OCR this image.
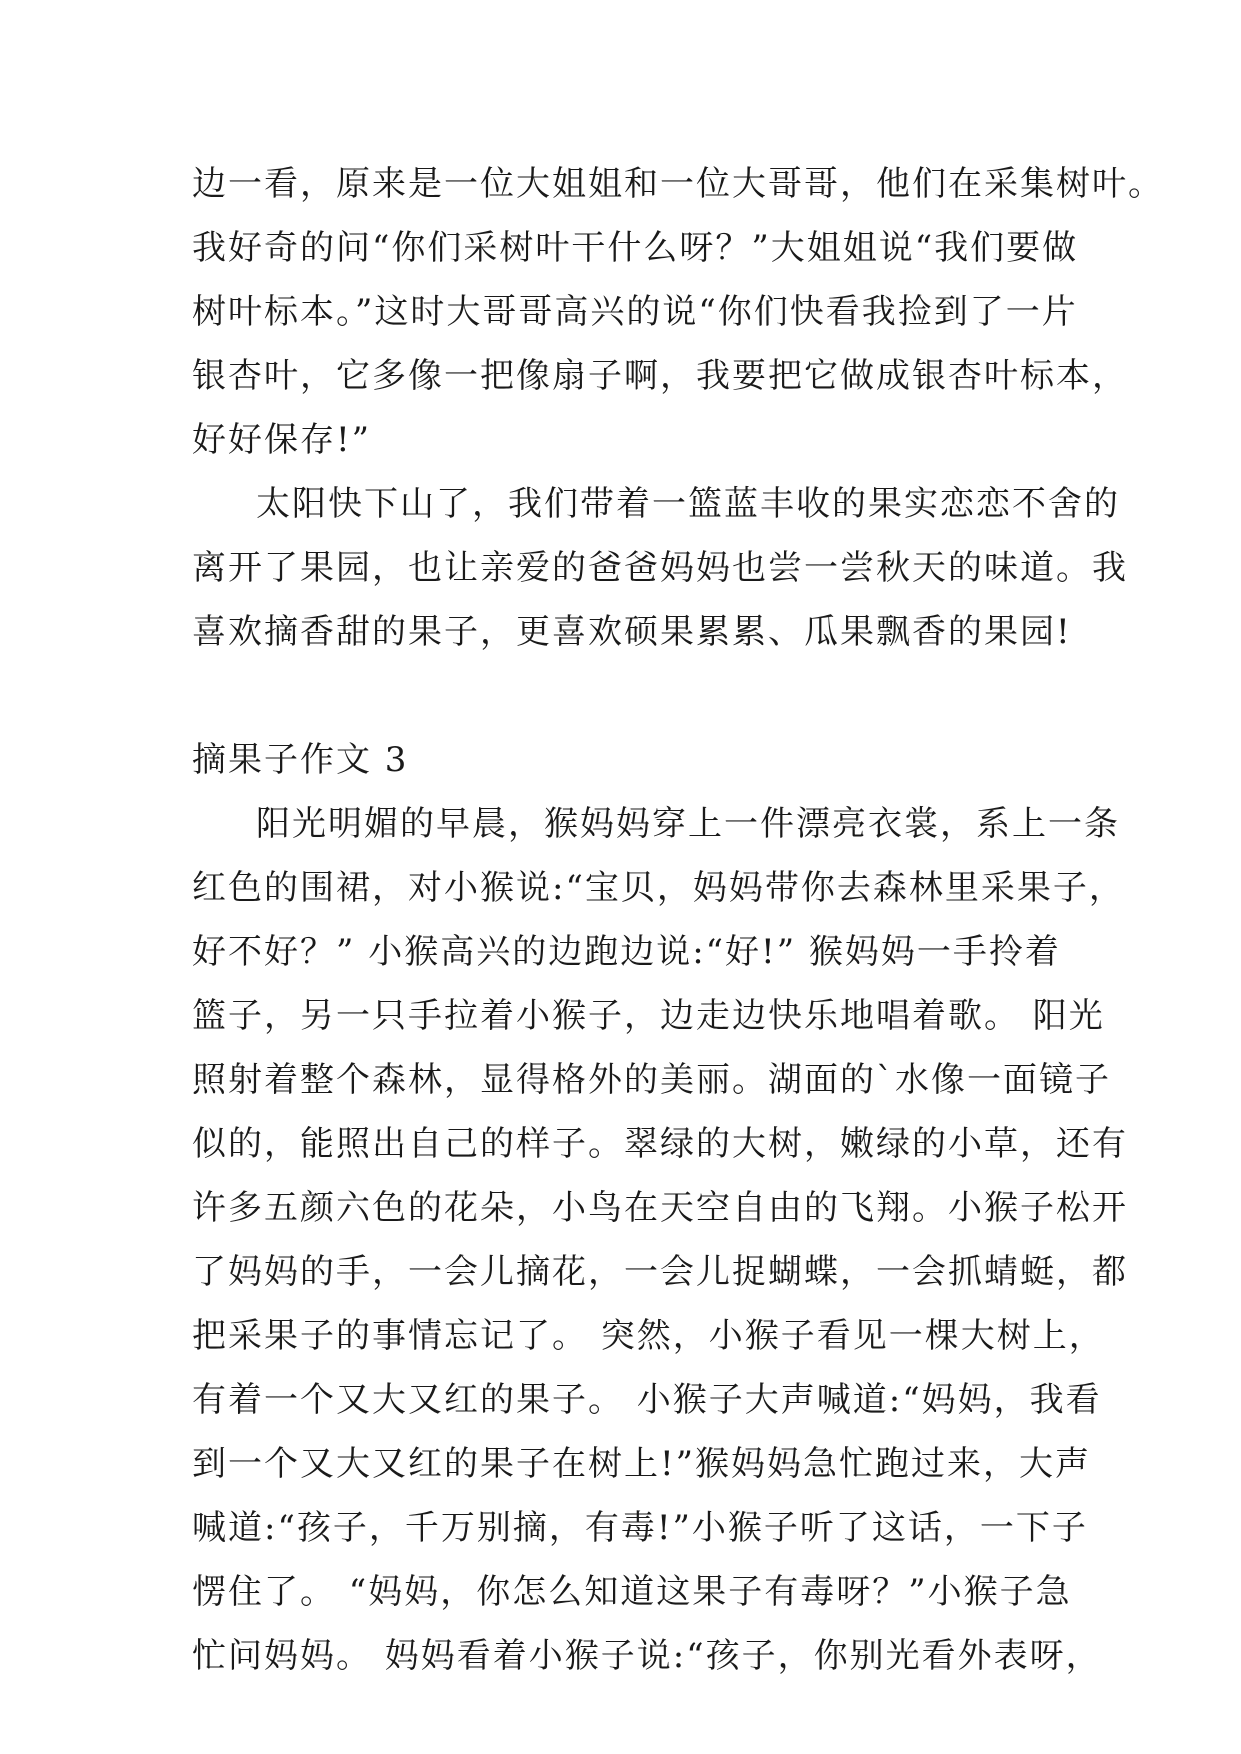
边一看，原来是一位大姐姐和一位大哥哥，他们在采集树叶。
我好奇的问“你们采树叶干什么呀？”大姐姐说“我们要做
树叶标本。”这时大哥哥高兴的说“你们快看我捡到了一片
银杏叶，它多像一把像扇子啊，我要把它做成银杏叶标本，
好好保存!”
太阳快下山了，我们带着一篮蓝丰收的果实恋恋不舍的
离开了果园，也让亲爱的爸爸妈妈也尝一尝秋天的味道。我
喜欢摘香甜的果子，更喜欢硕果累累、瓜果飘香的果园!
摘果子作文 3
阳光明媚的早晨，猴妈妈穿上一件漂亮衣裳，系上一条
红色的围裙，对小猴说:“宝贝，妈妈带你去森林里采果子，
好不好？” 小猴高兴的边跑边说:“好!” 猴妈妈一手拎着
篮子，另一只手拉着小猴子，边走边快乐地唱着歌。 阳光
照射着整个森林，显得格外的美丽。湖面的`水像一面镜子
似的，能照出自己的样子。翠绿的大树，嫩绿的小草，还有
许多五颜六色的花朵，小鸟在天空自由的飞翔。小猴子松开
了妈妈的手，一会儿摘花，一会儿捉蝴蝶，一会抓蜻蜓，都
把采果子的事情忘记了。 突然，小猴子看见一棵大树上，
有着一个又大又红的果子。 小猴子大声喊道:“妈妈，我看
到一个又大又红的果子在树上!”猴妈妈急忙跑过来，大声
喊道:“孩子，千万别摘，有毒!”小猴子听了这话，一下子
愣住了。 “妈妈，你怎么知道这果子有毒呀？”小猴子急
忙问妈妈。 妈妈看着小猴子说:“孩子，你别光看外表呀，
